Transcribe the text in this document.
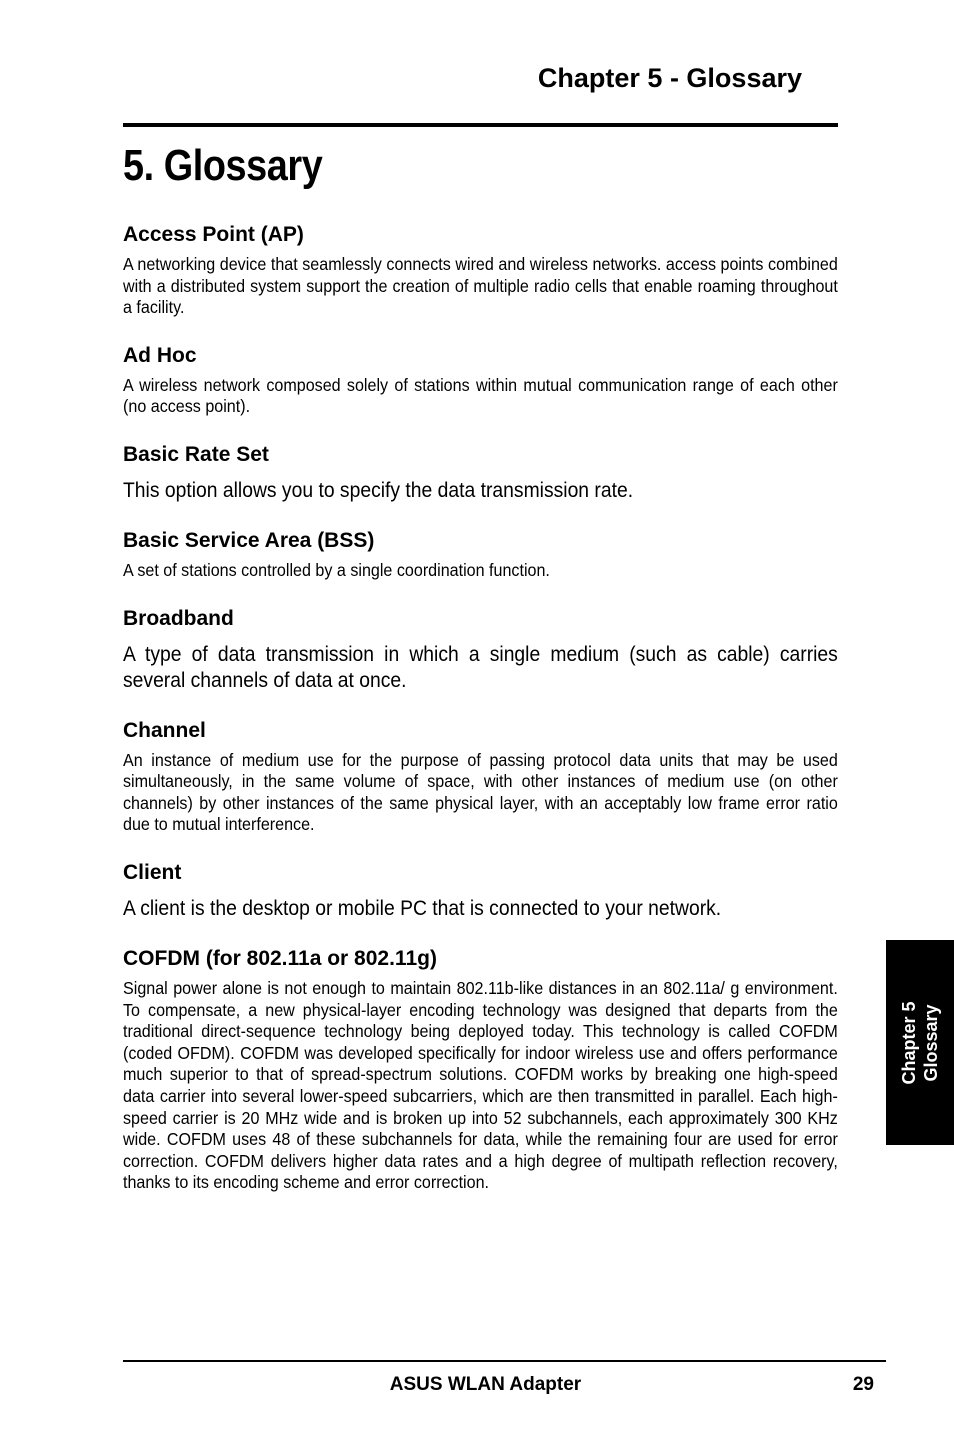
Chapter 5 - Glossary
5. Glossary
Access Point (AP)

A networking device that seamlessly connects wired and wireless networks. access points combined with a distributed system support the creation of multiple radio cells that enable roaming throughout a facility.

Ad Hoc

A wireless network composed solely of stations within mutual communication range of each other (no access point).

Basic Rate Set

This option allows you to specify the data transmission rate.

Basic Service Area (BSS)

A set of stations controlled by a single coordination function.

Broadband

A type of data transmission in which a single medium (such as cable) carries several channels of data at once.

Channel

An instance of medium use for the purpose of passing protocol data units that may be used simultaneously, in the same volume of space, with other instances of medium use (on other channels) by other instances of the same physical layer, with an acceptably low frame error ratio due to mutual interference.

Client

A client is the desktop or mobile PC that is connected to your network.

COFDM (for 802.11a or 802.11g)

Signal power alone is not enough to maintain 802.11b-like distances in an 802.11a/ g environment. To compensate, a new physical-layer encoding technology was designed that departs from the traditional direct-sequence technology being deployed today. This technology is called COFDM (coded OFDM). COFDM was developed specifically for indoor wireless use and offers performance much superior to that of spread-spectrum solutions. COFDM works by breaking one high-speed data carrier into several lower-speed subcarriers, which are then transmitted in parallel. Each high-speed carrier is 20 MHz wide and is broken up into 52 subchannels, each approximately 300 KHz wide. COFDM uses 48 of these subchannels for data, while the remaining four are used for error correction. COFDM delivers higher data rates and a high degree of multipath reflection recovery, thanks to its encoding scheme and error correction.

Chapter 5 Glossary
ASUS WLAN Adapter	29
